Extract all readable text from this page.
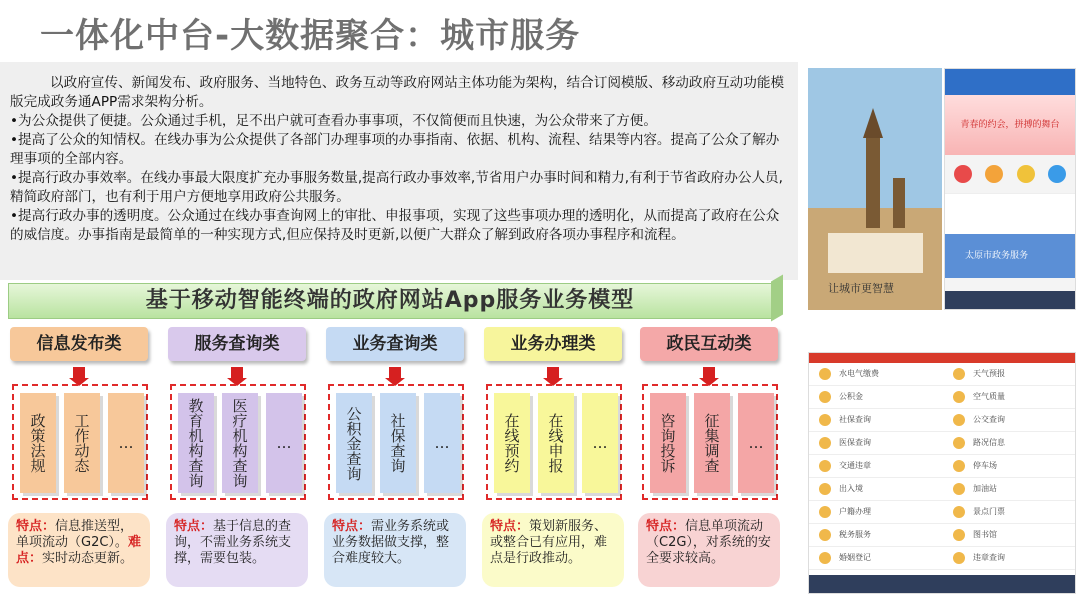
一体化中台-大数据聚合：城市服务

以政府宣传、新闻发布、政府服务、当地特色、政务互动等政府网站主体功能为架构，结合订阅模版、移动政府互动功能模版完成政务通APP需求架构分析。

•为公众提供了便捷。公众通过手机，足不出户就可查看办事事项，不仅简便而且快速，为公众带来了方便。

•提高了公众的知情权。在线办事为公众提供了各部门办理事项的办事指南、依据、机构、流程、结果等内容。提高了公众了解办理事项的全部内容。

•提高行政办事效率。在线办事最大限度扩充办事服务数量,提高行政办事效率,节省用户办事时间和精力,有利于节省政府办公人员,精简政府部门，也有利于用户方便地享用政府公共服务。

•提高行政办事的透明度。公众通过在线办事查询网上的审批、申报事项，实现了这些事项办理的透明化，从而提高了政府在公众的威信度。办事指南是最简单的一种实现方式,但应保持及时更新,以便广大群众了解到政府各项办事程序和流程。

基于移动智能终端的政府网站App服务业务模型
信息发布类
政策法规	工作动态	…
特点：信息推送型，单项流动（G2C）。难点：实时动态更新。
服务查询类
教育机构查询	医疗机构查询	…
特点：基于信息的查询，不需业务系统支撑，需要包装。
业务查询类
公积金查询	社保查询	…
特点：需业务系统或业务数据做支撑，整合难度较大。
业务办理类
在线预约	在线申报	…
特点：策划新服务、或整合已有应用，难点是行政推动。
政民互动类
咨询投诉	征集调查	…
特点：信息单项流动（C2G），对系统的安全要求较高。
让城市更智慧
青春的约会，拼搏的舞台
太原市政务服务
水电气缴费
公积金
社保查询
医保查询
交通违章
出入境
户籍办理
税务服务
婚姻登记
天气预报
空气质量
公交查询
路况信息
停车场
加油站
景点门票
图书馆
违章查询
